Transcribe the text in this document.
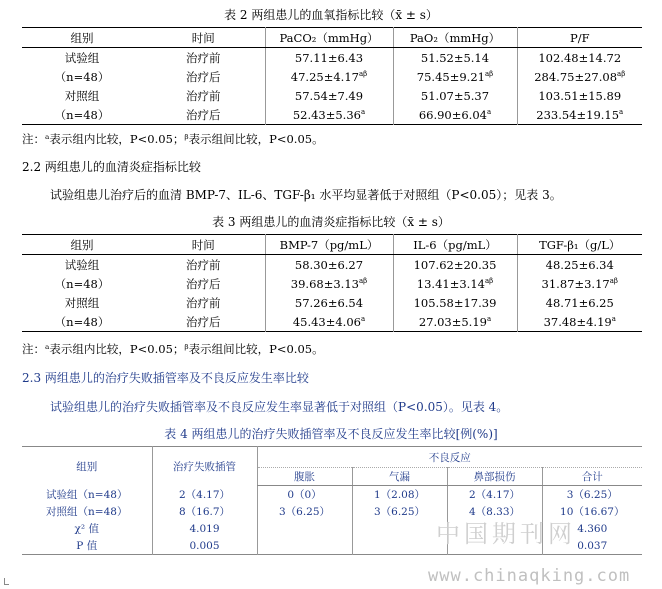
表 2 两组患儿的血氧指标比较（x̄ ± s）
组别	时间	PaCO₂（mmHg）	PaO₂（mmHg）	P/F
试验组	治疗前	57.11±6.43	51.52±5.14	102.48±14.72
（n=48）	治疗后	$47.25\pm 4.17^{a\beta}$	$75.45\pm 9.21^{a\beta}$	$284.75\pm 27.08^{a\beta}$
对照组	治疗前	57.54±7.49	51.07±5.37	103.51±15.89
（n=48）	治疗后	52.43±5.36$^a$	66.90±6.04$^a$	233.54±19.15$^a$
注：ᵃ表示组内比较，P<0.05；ᵝ表示组间比较，P<0.05。
2.2 两组患儿的血清炎症指标比较
试验组患儿治疗后的血清 BMP-7、IL-6、TGF-β₁ 水平均显著低于对照组（P<0.05）；见表 3。
表 3 两组患儿的血清炎症指标比较（x̄ ± s）
组别	时间	BMP-7（pg/mL）	IL-6（pg/mL）	TGF-β₁（g/L）
试验组	治疗前	58.30±6.27	107.62±20.35	48.25±6.34
（n=48）	治疗后	$39.68\pm 3.13^{a\beta}$	$13.41\pm 3.14^{a\beta}$	$31.87\pm 3.17^{a\beta}$
对照组	治疗前	57.26±6.54	105.58±17.39	48.71±6.25
（n=48）	治疗后	45.43±4.06$^a$	27.03±5.19$^a$	37.48±4.19$^a$
注：ᵃ表示组内比较，P<0.05；ᵝ表示组间比较，P<0.05。
2.3 两组患儿的治疗失败插管率及不良反应发生率比较
试验组患儿的治疗失败插管率及不良反应发生率显著低于对照组（P<0.05）。见表 4。
表 4 两组患儿的治疗失败插管率及不良反应发生率比较[例(%)]
组别	治疗失败插管	不良反应			
		腹胀	气漏	鼻部损伤	合计
试验组（n=48）	2（4.17）	0（0）	1（2.08）	2（4.17）	3（6.25）
对照组（n=48）	8（16.7）	3（6.25）	3（6.25）	4（8.33）	10（16.67）
χ² 值	4.019				4.360
P 值	0.005				0.037
中国期刊网
www.chinaqking.com
